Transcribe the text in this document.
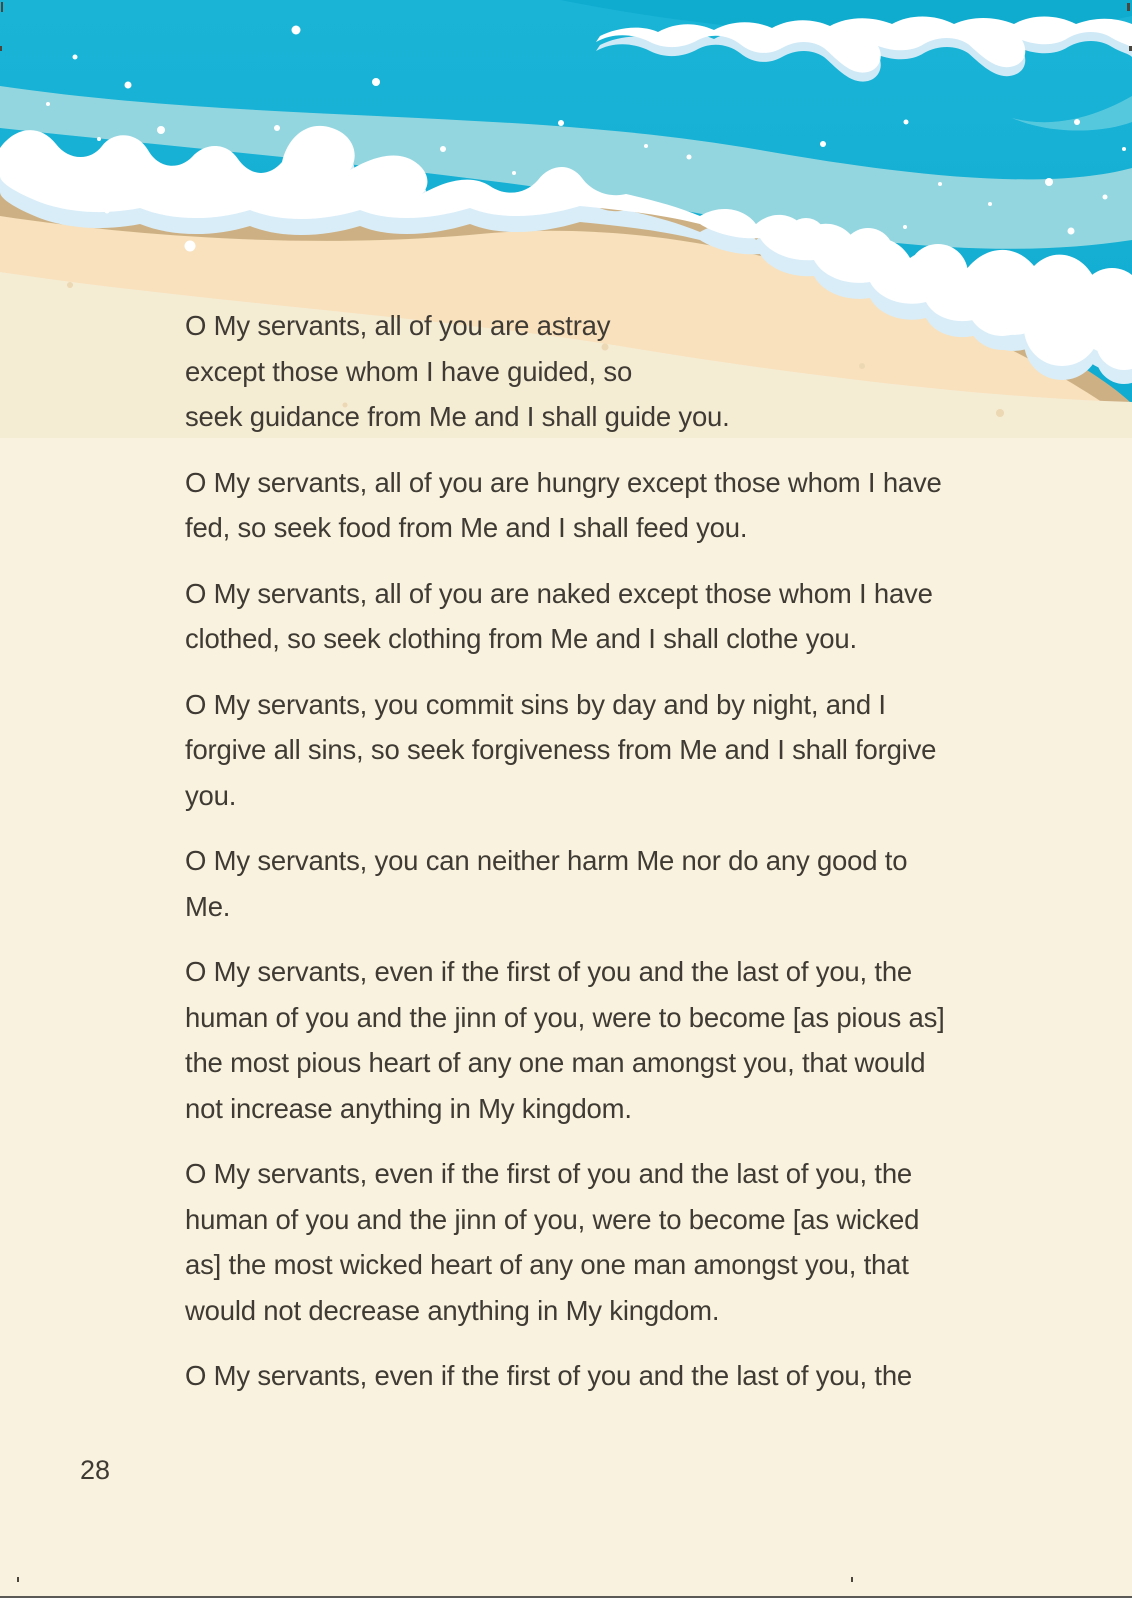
O My servants, all of you are astray
except those whom I have guided, so
seek guidance from Me and I shall guide you.
O My servants, all of you are hungry except those whom I have
fed, so seek food from Me and I shall feed you.
O My servants, all of you are naked except those whom I have
clothed, so seek clothing from Me and I shall clothe you.
O My servants, you commit sins by day and by night, and I
forgive all sins, so seek forgiveness from Me and I shall forgive
you.
O My servants, you can neither harm Me nor do any good to
Me.
O My servants, even if the first of you and the last of you, the
human of you and the jinn of you, were to become [as pious as]
the most pious heart of any one man amongst you, that would
not increase anything in My kingdom.
O My servants, even if the first of you and the last of you, the
human of you and the jinn of you, were to become [as wicked
as] the most wicked heart of any one man amongst you, that
would not decrease anything in My kingdom.
O My servants, even if the first of you and the last of you, the
28
